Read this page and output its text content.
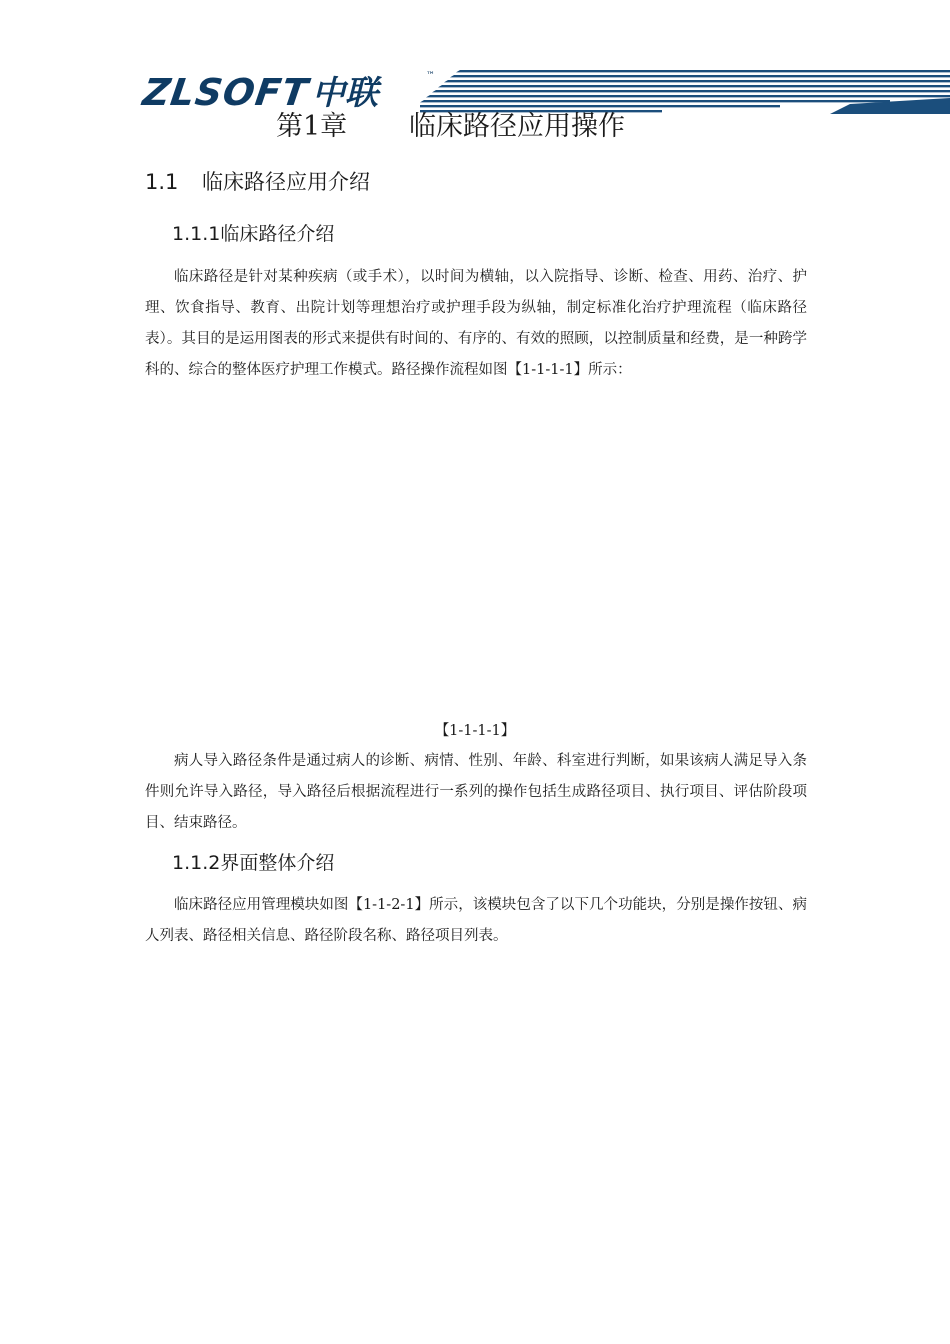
ZLSOFT 中联	™
第1章 临床路径应用操作
1.1 临床路径应用介绍
1.1.1临床路径介绍

临床路径是针对某种疾病（或手术），以时间为横轴，以入院指导、诊断、检查、用药、治疗、护理、饮食指导、教育、出院计划等理想治疗或护理手段为纵轴，制定标准化治疗护理流程（临床路径表）。其目的是运用图表的形式来提供有时间的、有序的、有效的照顾，以控制质量和经费，是一种跨学科的、综合的整体医疗护理工作模式。路径操作流程如图【1-1-1-1】所示：

【1-1-1-1】

病人导入路径条件是通过病人的诊断、病情、性别、年龄、科室进行判断，如果该病人满足导入条件则允许导入路径，导入路径后根据流程进行一系列的操作包括生成路径项目、执行项目、评估阶段项目、结束路径。

1.1.2界面整体介绍

临床路径应用管理模块如图【1-1-2-1】所示，该模块包含了以下几个功能块，分别是操作按钮、病人列表、路径相关信息、路径阶段名称、路径项目列表。
